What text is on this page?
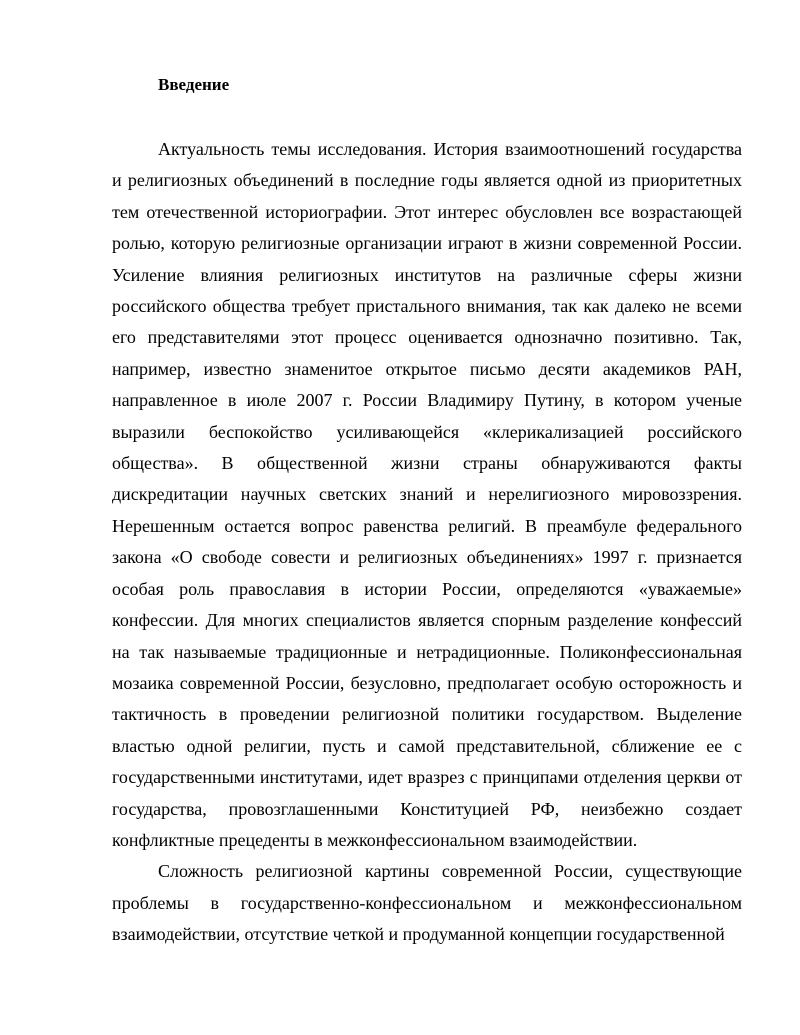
Введение

Актуальность темы исследования. История взаимоотношений государства и религиозных объединений в последние годы является одной из приоритетных тем отечественной историографии. Этот интерес обусловлен все возрастающей ролью, которую религиозные организации играют в жизни современной России. Усиление влияния религиозных институтов на различные сферы жизни российского общества требует пристального внимания, так как далеко не всеми его представителями этот процесс оценивается однозначно позитивно. Так, например, известно знаменитое открытое письмо десяти академиков РАН, направленное в июле 2007 г. России Владимиру Путину, в котором ученые выразили беспокойство усиливающейся «клерикализацией российского общества». В общественной жизни страны обнаруживаются факты дискредитации научных светских знаний и нерелигиозного мировоззрения. Нерешенным остается вопрос равенства религий. В преамбуле федерального закона «О свободе совести и религиозных объединениях» 1997 г. признается особая роль православия в истории России, определяются «уважаемые» конфессии. Для многих специалистов является спорным разделение конфессий на так называемые традиционные и нетрадиционные. Поликонфессиональная мозаика современной России, безусловно, предполагает особую осторожность и тактичность в проведении религиозной политики государством. Выделение властью одной религии, пусть и самой представительной, сближение ее с государственными институтами, идет вразрез с принципами отделения церкви от государства, провозглашенными Конституцией РФ, неизбежно создает конфликтные прецеденты в межконфессиональном взаимодействии.

Сложность религиозной картины современной России, существующие проблемы в государственно-конфессиональном и межконфессиональном взаимодействии, отсутствие четкой и продуманной концепции государственной
